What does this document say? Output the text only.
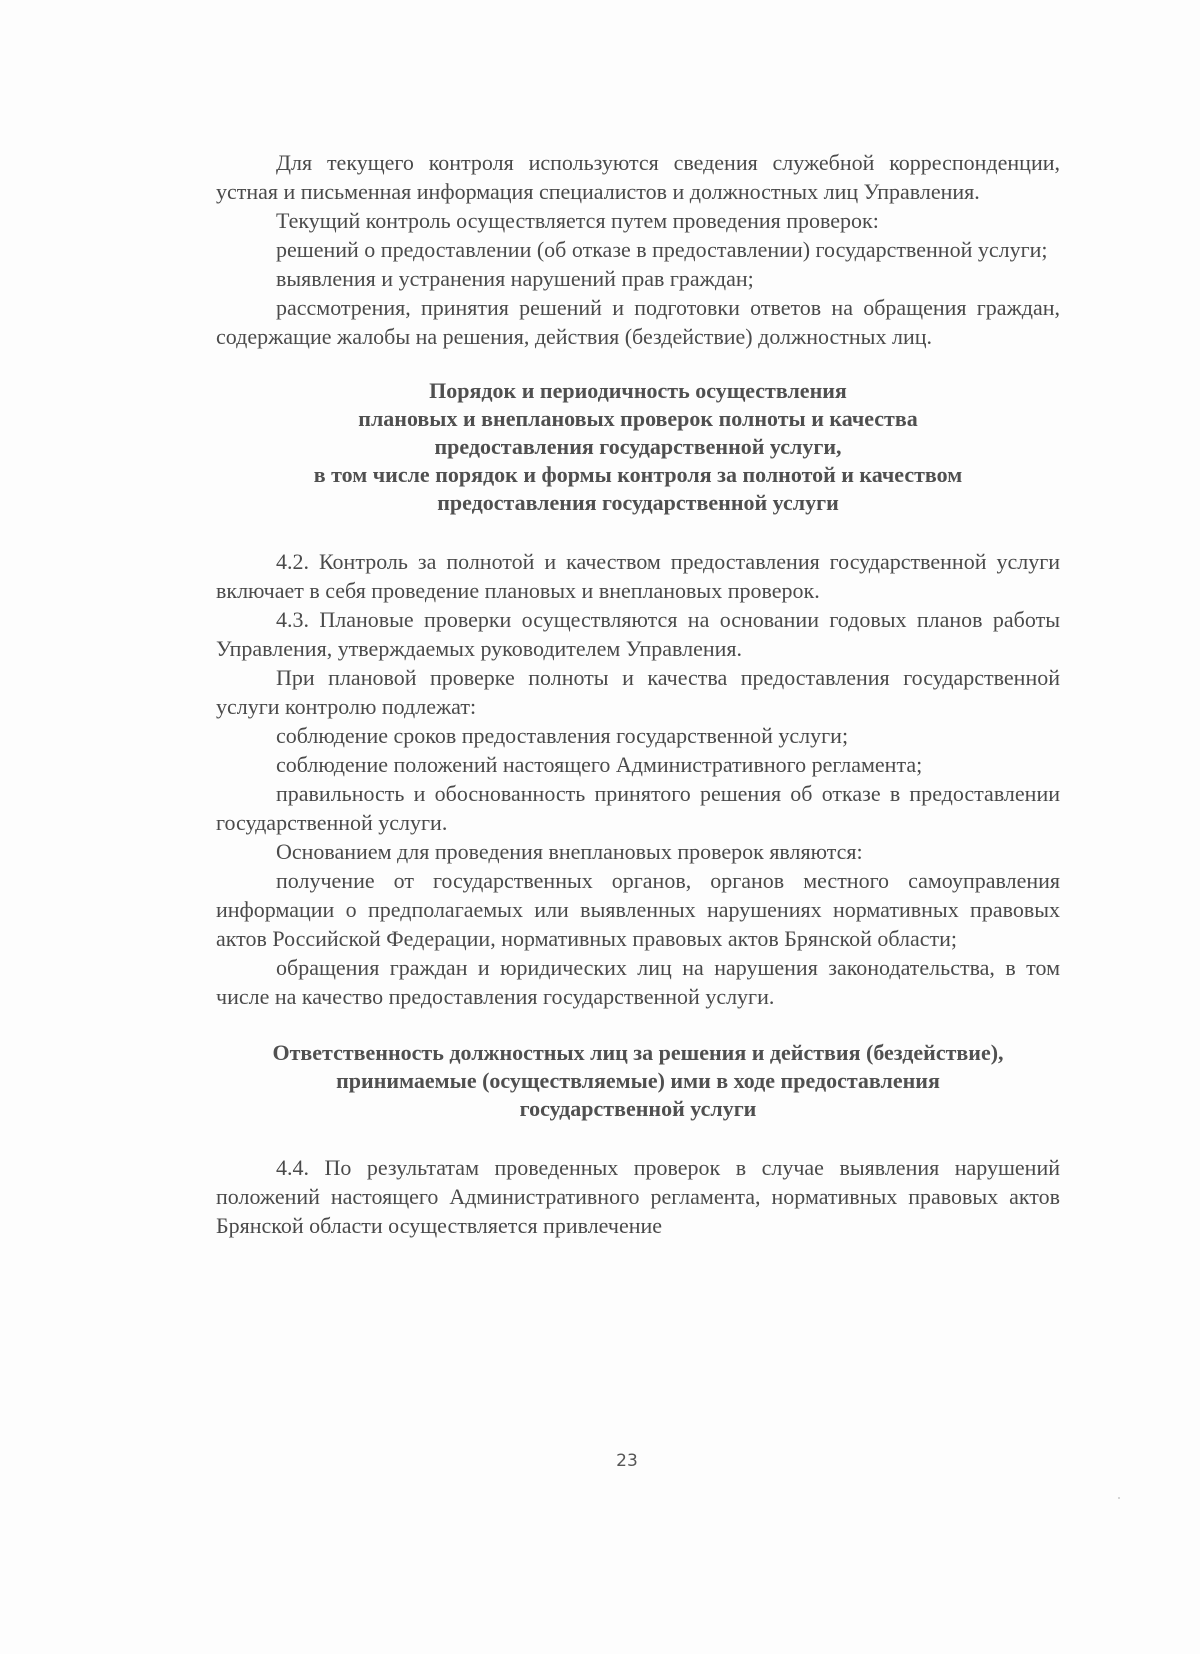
Для текущего контроля используются сведения служебной корреспонденции, устная и письменная информация специалистов и должностных лиц Управления.

Текущий контроль осуществляется путем проведения проверок:

решений о предоставлении (об отказе в предоставлении) государственной услуги;

выявления и устранения нарушений прав граждан;

рассмотрения, принятия решений и подготовки ответов на обращения граждан, содержащие жалобы на решения, действия (бездействие) должностных лиц.

Порядок и периодичность осуществления
плановых и внеплановых проверок полноты и качества
предоставления государственной услуги,
в том числе порядок и формы контроля за полнотой и качеством
предоставления государственной услуги

4.2. Контроль за полнотой и качеством предоставления государственной услуги включает в себя проведение плановых и внеплановых проверок.

4.3. Плановые проверки осуществляются на основании годовых планов работы Управления, утверждаемых руководителем Управления.

При плановой проверке полноты и качества предоставления государственной услуги контролю подлежат:

соблюдение сроков предоставления государственной услуги;

соблюдение положений настоящего Административного регламента;

правильность и обоснованность принятого решения об отказе в предоставлении государственной услуги.

Основанием для проведения внеплановых проверок являются:

получение от государственных органов, органов местного самоуправления информации о предполагаемых или выявленных нарушениях нормативных правовых актов Российской Федерации, нормативных правовых актов Брянской области;

обращения граждан и юридических лиц на нарушения законодательства, в том числе на качество предоставления государственной услуги.

Ответственность должностных лиц за решения и действия (бездействие),
принимаемые (осуществляемые) ими в ходе предоставления
государственной услуги

4.4. По результатам проведенных проверок в случае выявления нарушений положений настоящего Административного регламента, нормативных правовых актов Брянской области осуществляется привлечение

23
